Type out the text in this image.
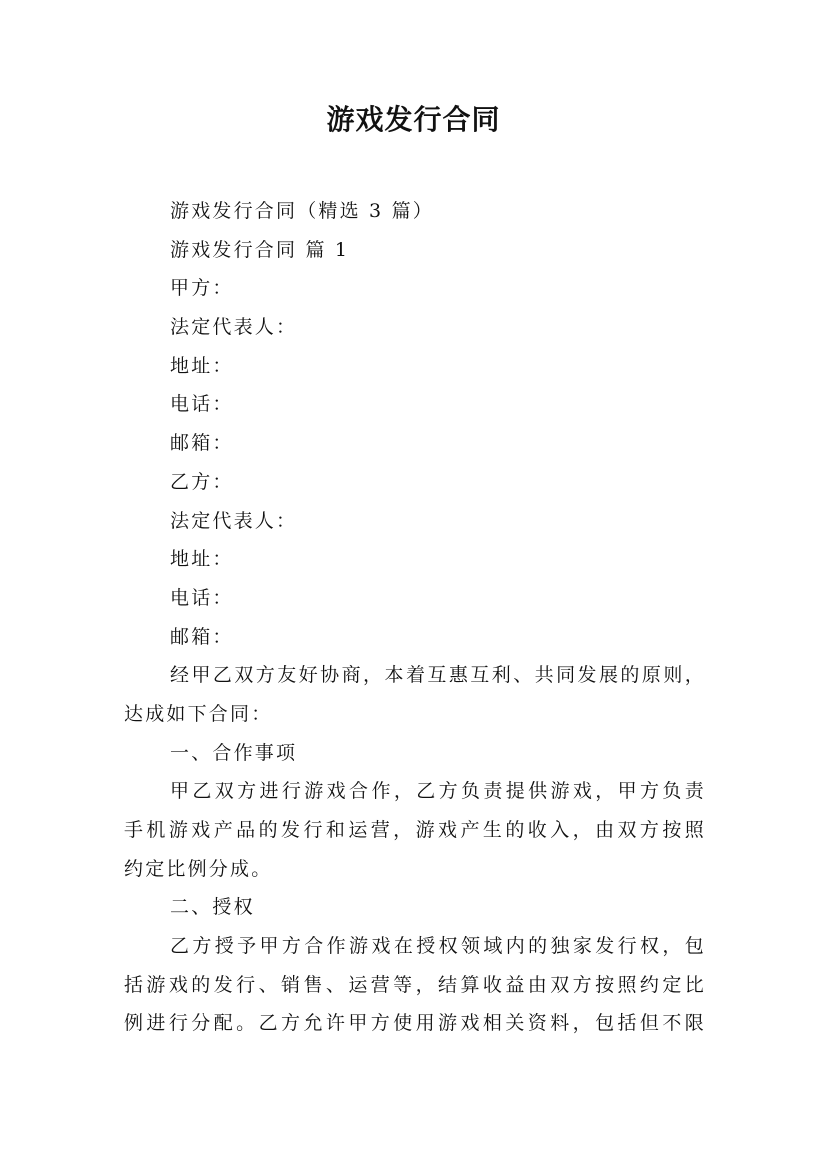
游戏发行合同
游戏发行合同（精选 3 篇）
游戏发行合同 篇 1
甲方：
法定代表人：
地址：
电话：
邮箱：
乙方：
法定代表人：
地址：
电话：
邮箱：
经甲乙双方友好协商，本着互惠互利、共同发展的原则，
达成如下合同：
一、合作事项
甲乙双方进行游戏合作，乙方负责提供游戏，甲方负责
手机游戏产品的发行和运营，游戏产生的收入，由双方按照
约定比例分成。
二、授权
乙方授予甲方合作游戏在授权领域内的独家发行权，包
括游戏的发行、销售、运营等，结算收益由双方按照约定比
例进行分配。乙方允许甲方使用游戏相关资料，包括但不限
